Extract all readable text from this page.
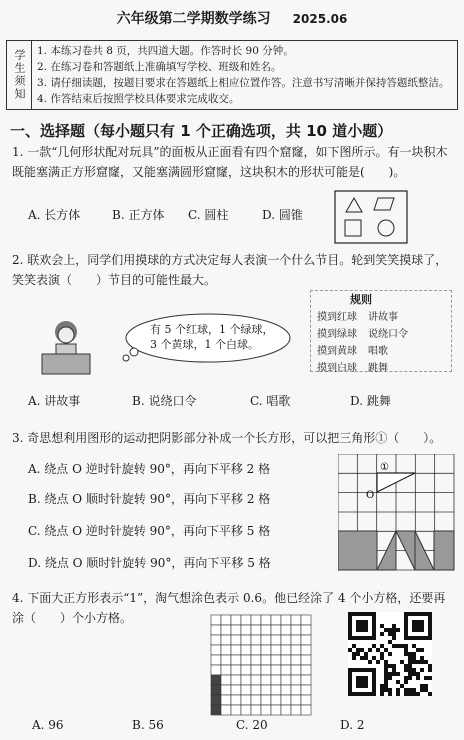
六年级第二学期数学练习 2025.06
学生须知	1. 本练习卷共 8 页，共四道大题。作答时长 90 分钟。
2. 在练习卷和答题纸上准确填写学校、班级和姓名。
3. 请仔细读题，按题目要求在答题纸上相应位置作答。注意书写清晰并保持答题纸整洁。
4. 作答结束后按照学校具体要求完成收交。
一、选择题（每小题只有 1 个正确选项，共 10 道小题）
1. 一款“几何形状配对玩具”的面板从正面看有四个窟窿，如下图所示。有一块积木既能塞满正方形窟窿，又能塞满圆形窟窿，这块积木的形状可能是(　　)。
A. 长方体	B. 正方体 C. 圆柱	D. 圆锥
2. 联欢会上，同学们用摸球的方式决定每人表演一个什么节目。轮到笑笑摸球了，笑笑表演（　　）节目的可能性最大。
有 5 个红球，1 个绿球，
3 个黄球，1 个白球。
规则
摸到红球	讲故事
摸到绿球	说绕口令
摸到黄球	唱歌
摸到白球	跳舞
A. 讲故事	B. 说绕口令	C. 唱歌	D. 跳舞
3. 奇思想利用图形的运动把阴影部分补成一个长方形，可以把三角形①（　　）。
A. 绕点 O 逆时针旋转 90°，再向下平移 2 格
B. 绕点 O 顺时针旋转 90°，再向下平移 2 格
C. 绕点 O 逆时针旋转 90°，再向下平移 5 格
D. 绕点 O 顺时针旋转 90°，再向下平移 5 格
①
O
4. 下面大正方形表示“1”，淘气想涂色表示 0.6。他已经涂了 4 个小方格，还要再涂（　　）个小方格。
A. 96	B. 56	C. 20	D. 2
